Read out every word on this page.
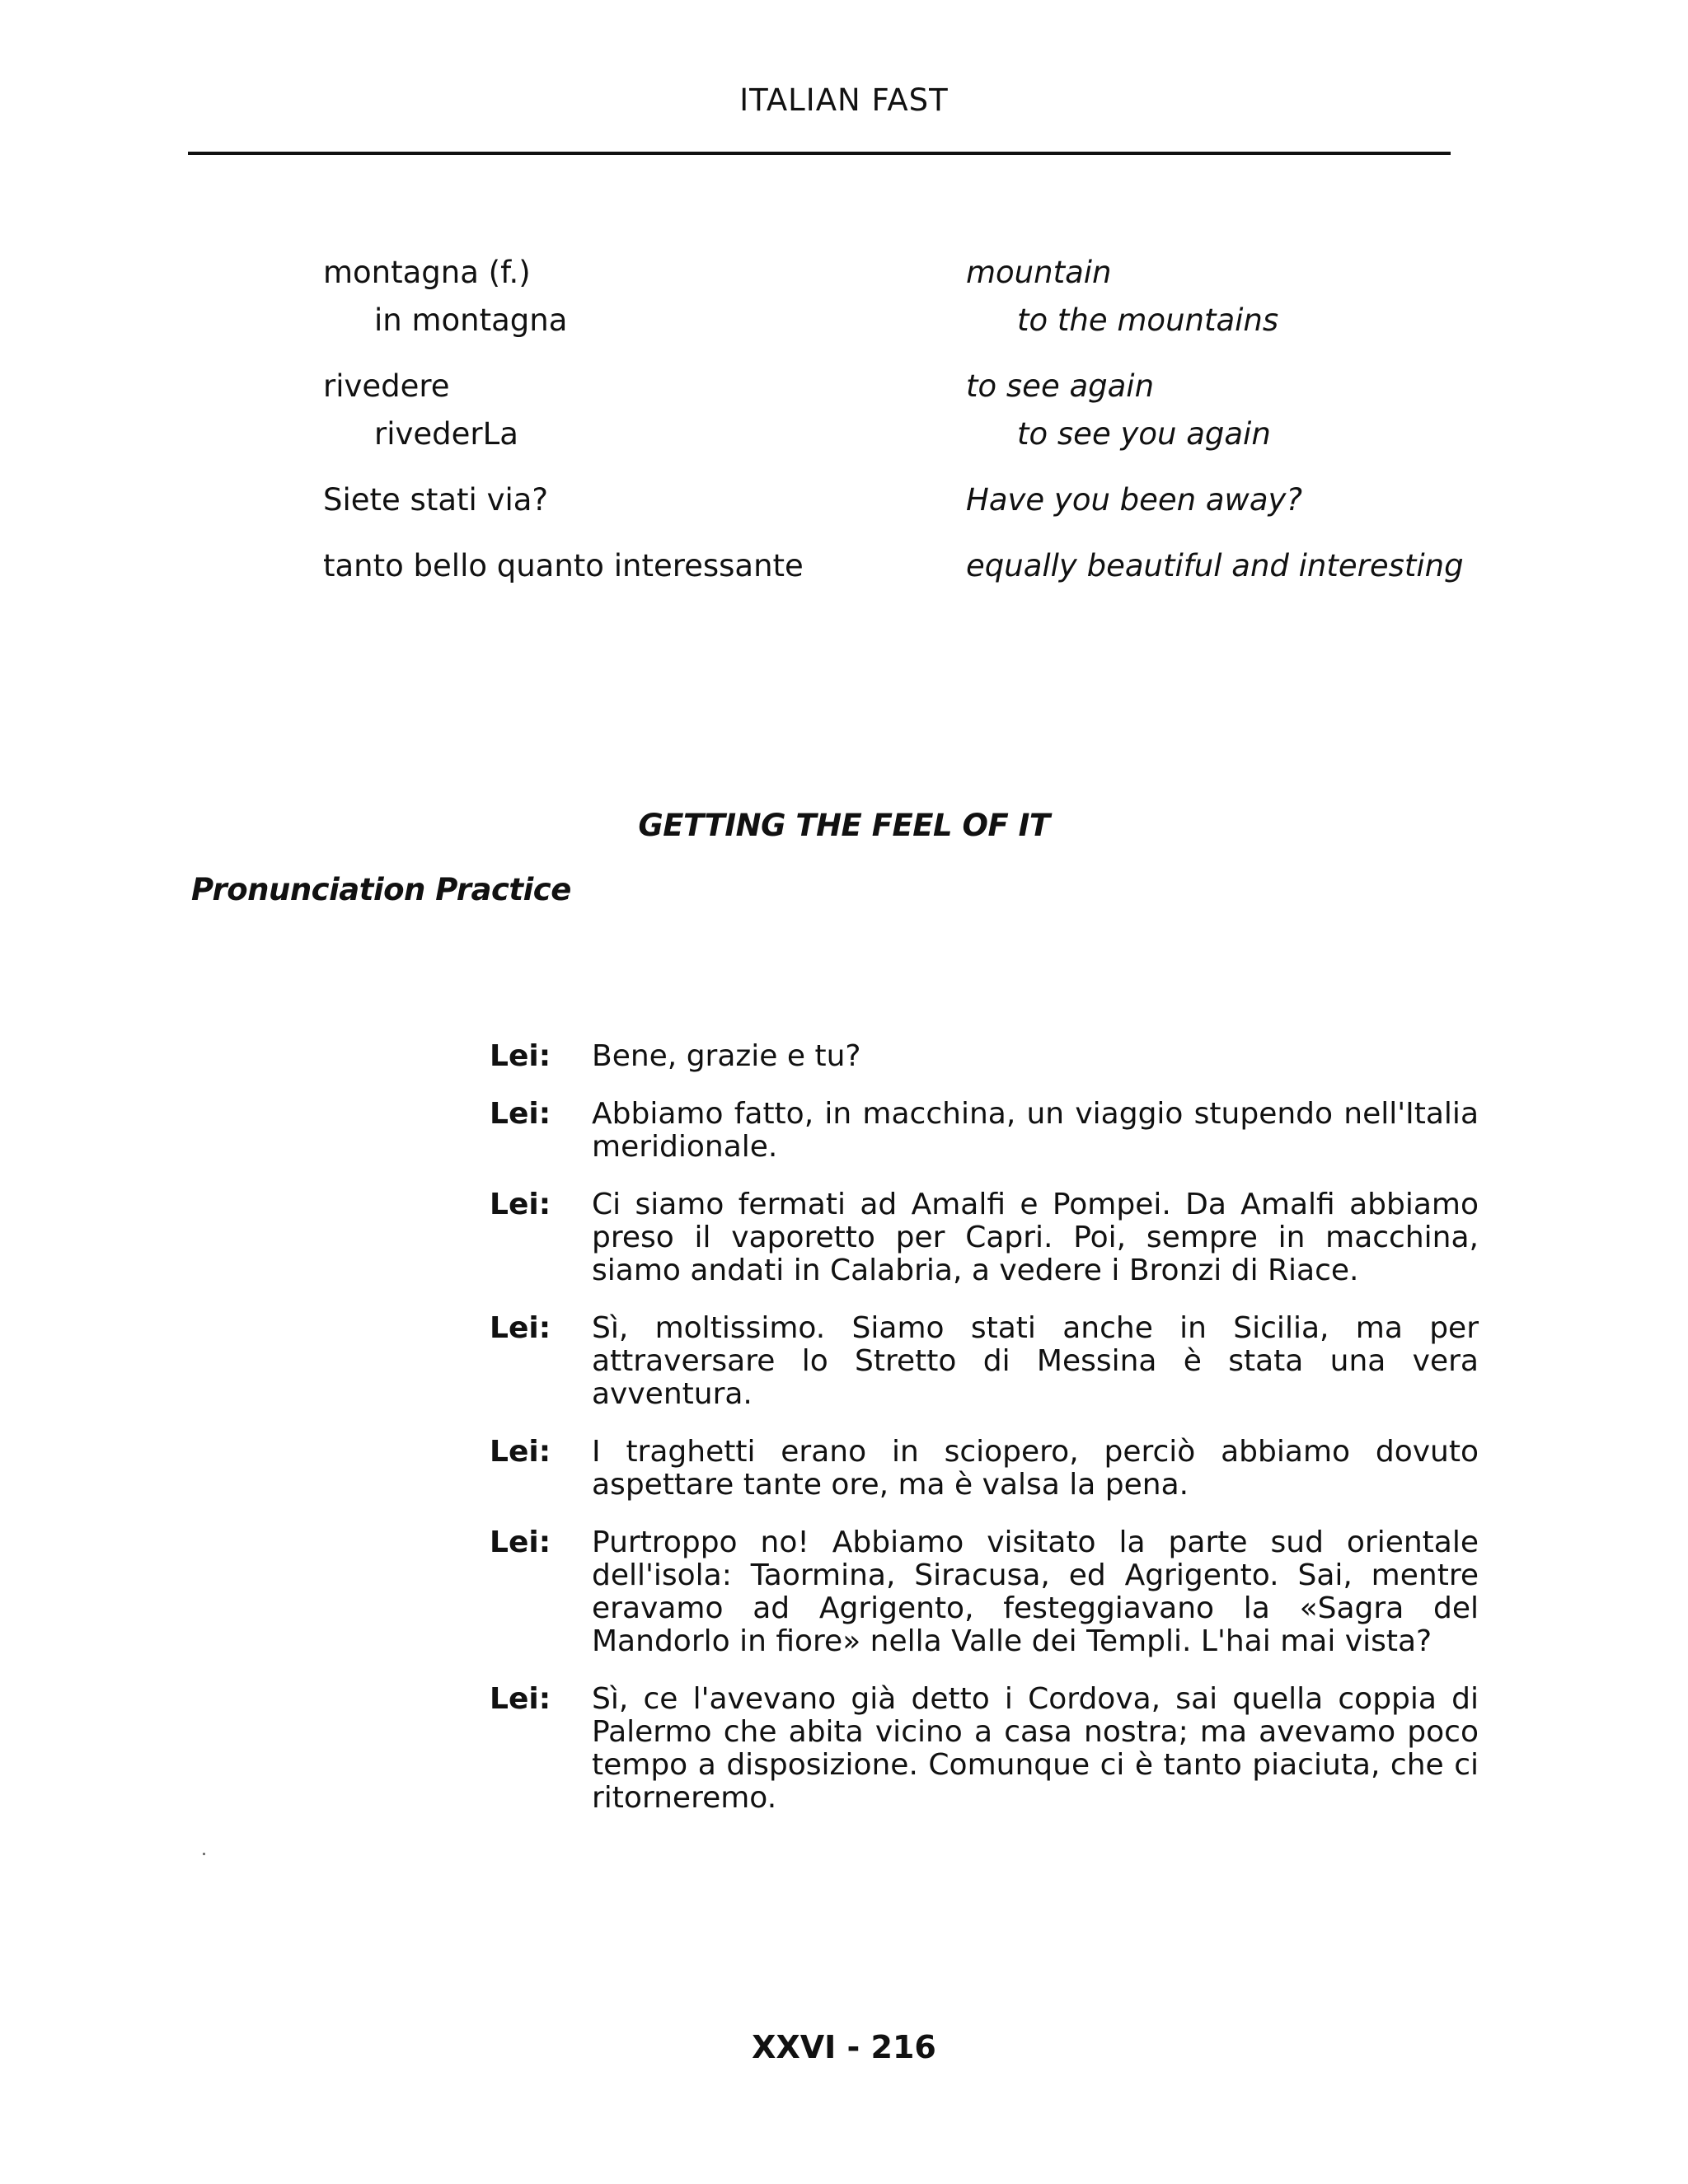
ITALIAN FAST
montagna (f.)	mountain
in montagna	to the mountains
rivedere	to see again
rivederLa	to see you again
Siete stati via?	Have you been away?
tanto bello quanto interessante	equally beautiful and interesting
GETTING THE FEEL OF IT
Pronunciation Practice
Lei:	Bene, grazie e tu?
Lei:	Abbiamo fatto, in macchina, un viaggio stupendo nell'Italia meridionale.
Lei:	Ci siamo fermati ad Amalfi e Pompei. Da Amalfi abbiamo preso il vaporetto per Capri. Poi, sempre in macchina, siamo andati in Calabria, a vedere i Bronzi di Riace.
Lei:	Sì, moltissimo. Siamo stati anche in Sicilia, ma per attraversare lo Stretto di Messina è stata una vera avventura.
Lei:	I traghetti erano in sciopero, perciò abbiamo dovuto aspettare tante ore, ma è valsa la pena.
Lei:	Purtroppo no! Abbiamo visitato la parte sud orientale dell'isola: Taormina, Siracusa, ed Agrigento. Sai, mentre eravamo ad Agrigento, festeggiavano la «Sagra del Mandorlo in fiore» nella Valle dei Templi. L'hai mai vista?
Lei:	Sì, ce l'avevano già detto i Cordova, sai quella coppia di Palermo che abita vicino a casa nostra; ma avevamo poco tempo a disposizione. Comunque ci è tanto piaciuta, che ci ritorneremo.
XXVI - 216
